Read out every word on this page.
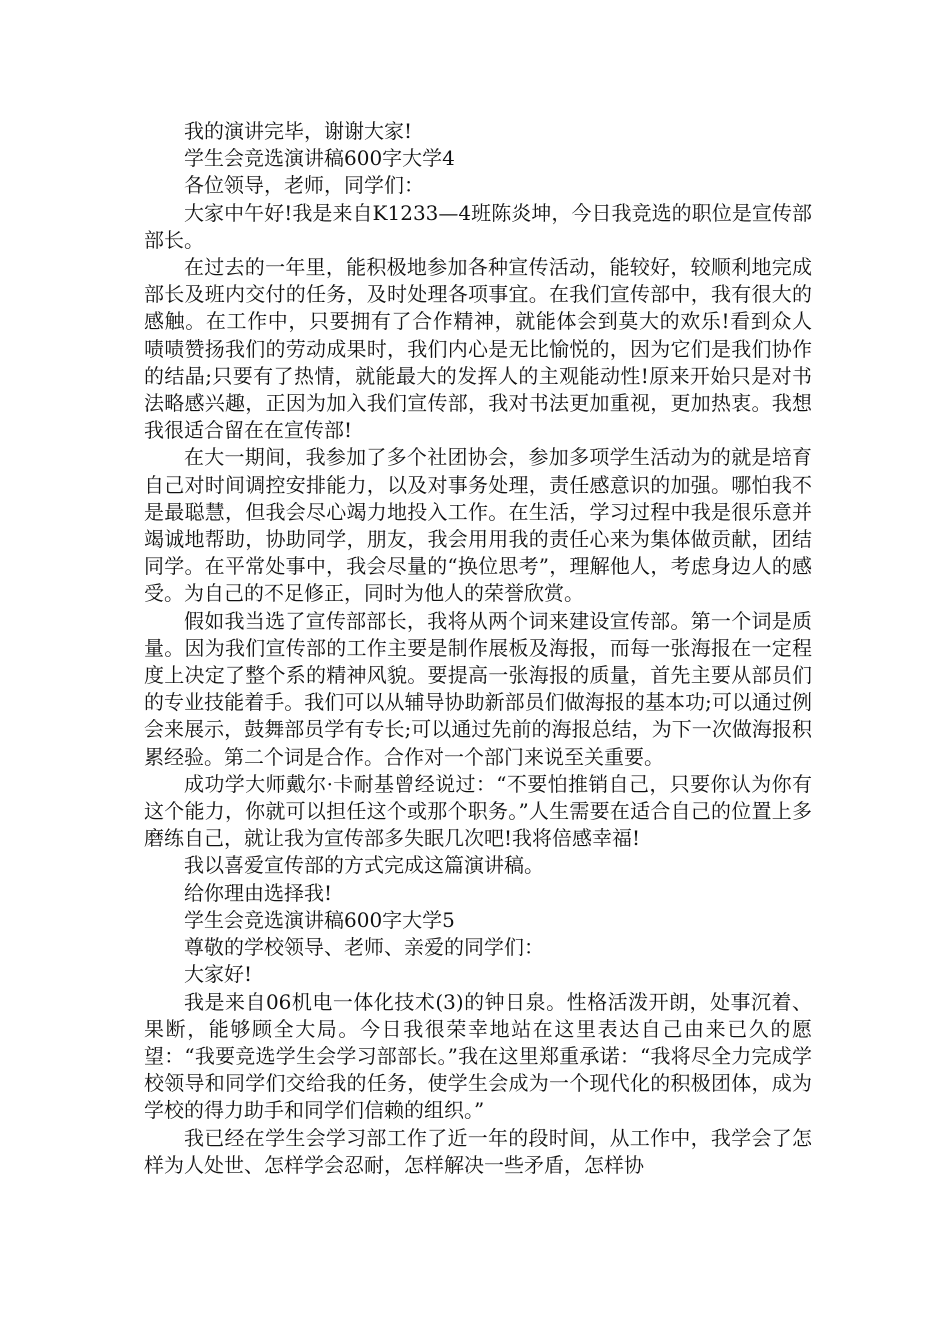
我的演讲完毕，谢谢大家!

学生会竞选演讲稿600字大学4

各位领导，老师，同学们：

大家中午好!我是来自K1233—4班陈炎坤，今日我竞选的职位是宣传部部长。

在过去的一年里，能积极地参加各种宣传活动，能较好，较顺利地完成部长及班内交付的任务，及时处理各项事宜。在我们宣传部中，我有很大的感触。在工作中，只要拥有了合作精神，就能体会到莫大的欢乐!看到众人啧啧赞扬我们的劳动成果时，我们内心是无比愉悦的，因为它们是我们协作的结晶;只要有了热情，就能最大的发挥人的主观能动性!原来开始只是对书法略感兴趣，正因为加入我们宣传部，我对书法更加重视，更加热衷。我想我很适合留在在宣传部!

在大一期间，我参加了多个社团协会，参加多项学生活动为的就是培育自己对时间调控安排能力，以及对事务处理，责任感意识的加强。哪怕我不是最聪慧，但我会尽心竭力地投入工作。在生活，学习过程中我是很乐意并竭诚地帮助，协助同学，朋友，我会用用我的责任心来为集体做贡献，团结同学。在平常处事中，我会尽量的“换位思考”，理解他人，考虑身边人的感受。为自己的不足修正，同时为他人的荣誉欣赏。

假如我当选了宣传部部长，我将从两个词来建设宣传部。第一个词是质量。因为我们宣传部的工作主要是制作展板及海报，而每一张海报在一定程度上决定了整个系的精神风貌。要提高一张海报的质量，首先主要从部员们的专业技能着手。我们可以从辅导协助新部员们做海报的基本功;可以通过例会来展示，鼓舞部员学有专长;可以通过先前的海报总结，为下一次做海报积累经验。第二个词是合作。合作对一个部门来说至关重要。

成功学大师戴尔·卡耐基曾经说过：“不要怕推销自己，只要你认为你有这个能力，你就可以担任这个或那个职务。”人生需要在适合自己的位置上多磨练自己，就让我为宣传部多失眠几次吧!我将倍感幸福!

我以喜爱宣传部的方式完成这篇演讲稿。

给你理由选择我!

学生会竞选演讲稿600字大学5

尊敬的学校领导、老师、亲爱的同学们：

大家好!

我是来自06机电一体化技术(3)的钟日泉。性格活泼开朗，处事沉着、果断，能够顾全大局。今日我很荣幸地站在这里表达自己由来已久的愿望：“我要竞选学生会学习部部长。”我在这里郑重承诺：“我将尽全力完成学校领导和同学们交给我的任务，使学生会成为一个现代化的积极团体，成为学校的得力助手和同学们信赖的组织。”

我已经在学生会学习部工作了近一年的段时间，从工作中，我学会了怎样为人处世、怎样学会忍耐，怎样解决一些矛盾，怎样协
